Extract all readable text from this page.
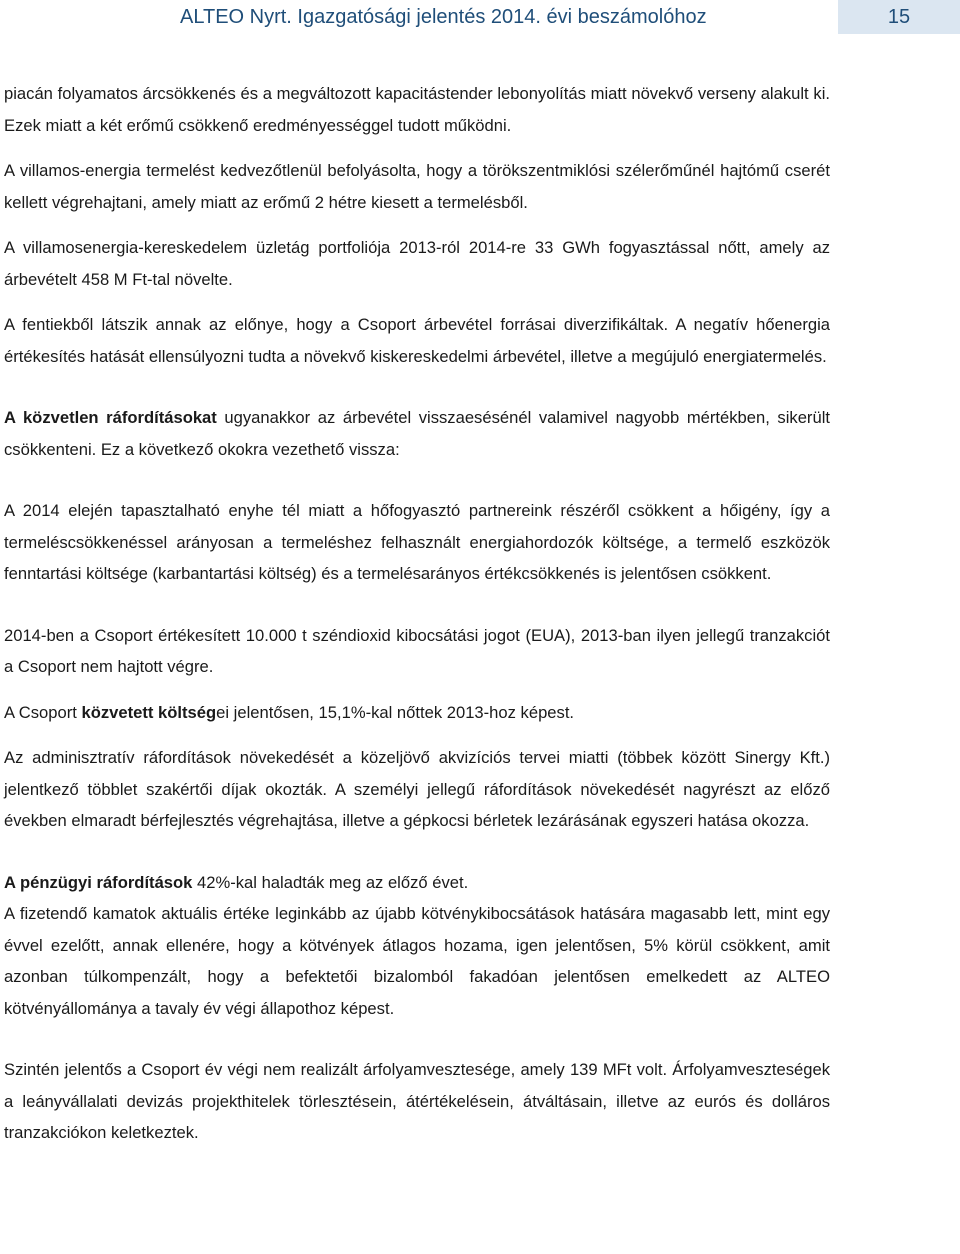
ALTEO Nyrt. Igazgatósági jelentés 2014. évi beszámolóhoz	15

piacán folyamatos árcsökkenés és a megváltozott kapacitástender lebonyolítás miatt növekvő verseny alakult ki. Ezek miatt a két erőmű csökkenő eredményességgel tudott működni.

A villamos-energia termelést kedvezőtlenül befolyásolta, hogy a törökszentmiklósi szélerőműnél hajtómű cserét kellett végrehajtani, amely miatt az erőmű 2 hétre kiesett a termelésből.

A villamosenergia-kereskedelem üzletág portfoliója 2013-ról 2014-re 33 GWh fogyasztással nőtt, amely az árbevételt 458 M Ft-tal növelte.

A fentiekből látszik annak az előnye, hogy a Csoport árbevétel forrásai diverzifikáltak. A negatív hőenergia értékesítés hatását ellensúlyozni tudta a növekvő kiskereskedelmi árbevétel, illetve a megújuló energiatermelés.

A közvetlen ráfordításokat ugyanakkor az árbevétel visszaesésénél valamivel nagyobb mértékben, sikerült csökkenteni. Ez a következő okokra vezethető vissza:

A 2014 elején tapasztalható enyhe tél miatt a hőfogyasztó partnereink részéről csökkent a hőigény, így a termeléscsökkenéssel arányosan a termeléshez felhasznált energiahordozók költsége, a termelő eszközök fenntartási költsége (karbantartási költség) és a termelésarányos értékcsökkenés is jelentősen csökkent.

2014-ben a Csoport értékesített 10.000 t széndioxid kibocsátási jogot (EUA), 2013-ban ilyen jellegű tranzakciót a Csoport nem hajtott végre.

A Csoport közvetett költségei jelentősen, 15,1%-kal nőttek 2013-hoz képest.

Az adminisztratív ráfordítások növekedését a közeljövő akvizíciós tervei miatti (többek között Sinergy Kft.) jelentkező többlet szakértői díjak okozták. A személyi jellegű ráfordítások növekedését nagyrészt az előző években elmaradt bérfejlesztés végrehajtása, illetve a gépkocsi bérletek lezárásának egyszeri hatása okozza.

A pénzügyi ráfordítások 42%-kal haladták meg az előző évet.

A fizetendő kamatok aktuális értéke leginkább az újabb kötvénykibocsátások hatására magasabb lett, mint egy évvel ezelőtt, annak ellenére, hogy a kötvények átlagos hozama, igen jelentősen, 5% körül csökkent, amit azonban túlkompenzált, hogy a befektetői bizalomból fakadóan jelentősen emelkedett az ALTEO kötvényállománya a tavaly év végi állapothoz képest.

Szintén jelentős a Csoport év végi nem realizált árfolyamvesztesége, amely 139 MFt volt. Árfolyamveszteségek a leányvállalati devizás projekthitelek törlesztésein, átértékelésein, átváltásain, illetve az eurós és dolláros tranzakciókon keletkeztek.
